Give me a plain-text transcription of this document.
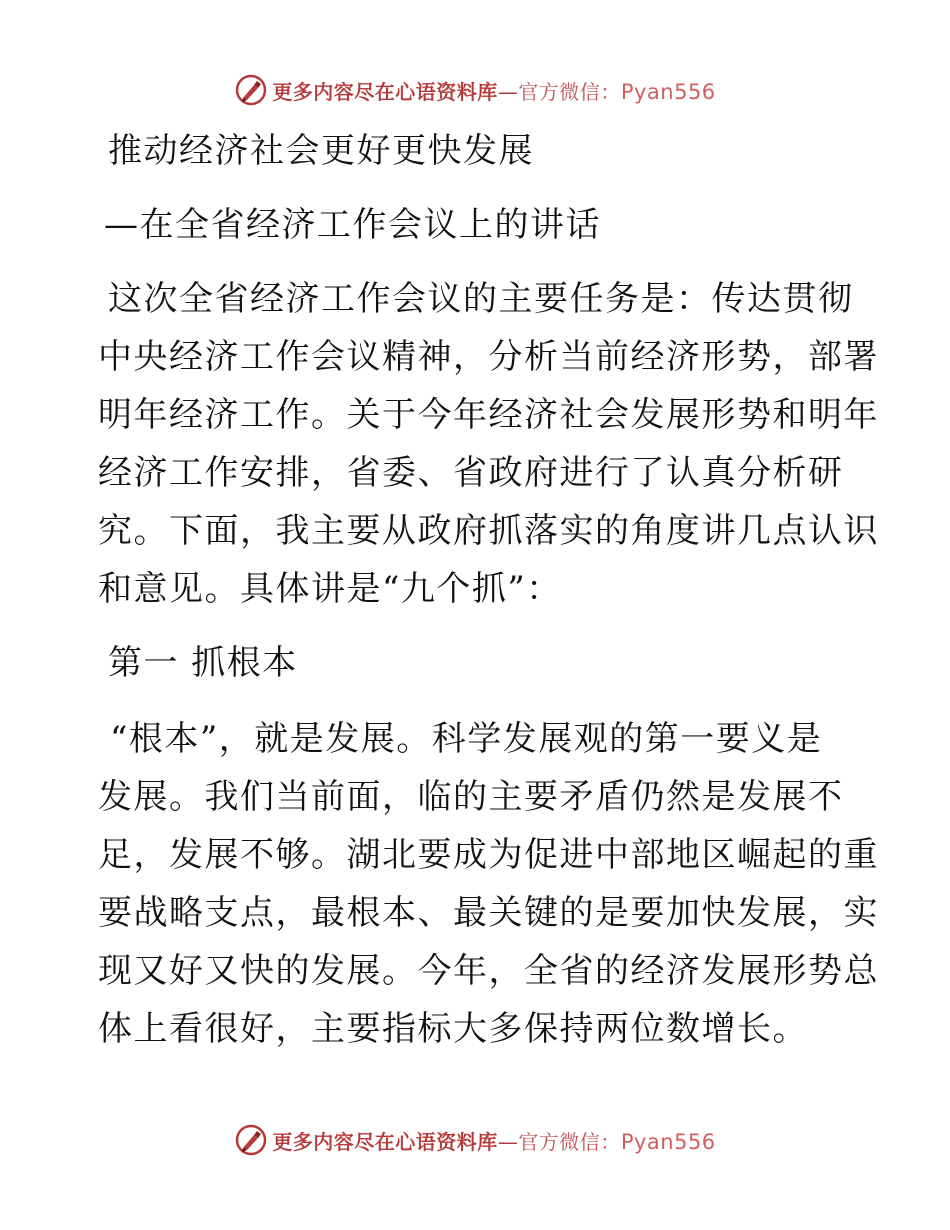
更多内容尽在心语资料库—官方微信：Pyan556
推动经济社会更好更快发展
—在全省经济工作会议上的讲话
这次全省经济工作会议的主要任务是：传达贯彻
中央经济工作会议精神，分析当前经济形势，部署
明年经济工作。关于今年经济社会发展形势和明年
经济工作安排，省委、省政府进行了认真分析研
究。下面，我主要从政府抓落实的角度讲几点认识
和意见。具体讲是“九个抓”：
第一 抓根本
“根本”，就是发展。科学发展观的第一要义是
发展。我们当前面，临的主要矛盾仍然是发展不
足，发展不够。湖北要成为促进中部地区崛起的重
要战略支点，最根本、最关键的是要加快发展，实
现又好又快的发展。今年，全省的经济发展形势总
体上看很好，主要指标大多保持两位数增长。
更多内容尽在心语资料库—官方微信：Pyan556
